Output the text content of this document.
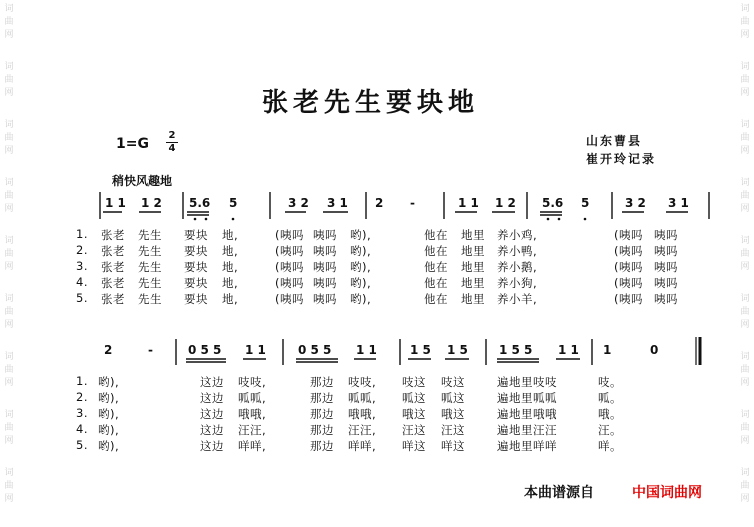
词
曲
网
词
曲
网
词
曲
网
词
曲
网
词
曲
网
词
曲
网
词
曲
网
词
曲
网
词
曲
网
词
曲
网
词
曲
网
词
曲
网
词
曲
网
词
曲
网
词
曲
网
词
曲
网
词
曲
网
词
曲
网
张老先生要块地
1=G
2
4
山东曹县
崔开玲记录
稍快风趣地
1 1 1 2 5.6 5	3 2 3 1 2 -	1 1 1 2 5.6 5	3 2 3 1
1. 张老 先生 要块 地,	(咦吗 咦吗 哟),	他在 地里 养小鸡,	(咦吗 咦吗
2. 张老 先生 要块 地,	(咦吗 咦吗 哟),	他在 地里 养小鸭,	(咦吗 咦吗
3. 张老 先生 要块 地,	(咦吗 咦吗 哟),	他在 地里 养小鹅,	(咦吗 咦吗
4. 张老 先生 要块 地,	(咦吗 咦吗 哟),	他在 地里 养小狗,	(咦吗 咦吗
5. 张老 先生 要块 地,	(咦吗 咦吗 哟),	他在 地里 养小羊,	(咦吗 咦吗
2	-	0 5 5 1 1	0 5 5 1 1	1 5 1 5	1 5 5 1 1 1	0
1. 哟),	这边 吱吱,	那边 吱吱, 吱这 吱这	遍地里吱吱	吱。
2. 哟),	这边 呱呱,	那边 呱呱, 呱这 呱这	遍地里呱呱	呱。
3. 哟),	这边 哦哦,	那边 哦哦, 哦这 哦这	遍地里哦哦	哦。
4. 哟),	这边 汪汪,	那边 汪汪, 汪这 汪这	遍地里汪汪	汪。
5. 哟),	这边 咩咩,	那边 咩咩, 咩这 咩这	遍地里咩咩	咩。
本曲谱源自	中国词曲网
